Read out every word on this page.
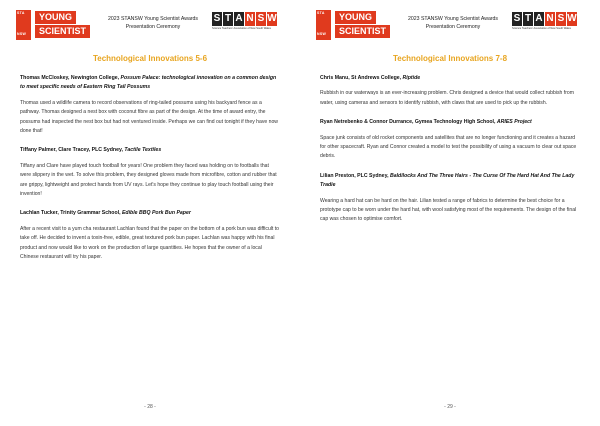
STA
NSW
YOUNG
SCIENTIST
2023 STANSW Young Scientist Awards
Presentation Ceremony
S T A N S W
Science Teachers' Association of New South Wales
Technological Innovations 5-6
Thomas McCloskey, Newington College, Possum Palace: technological innovation on a common design to meet specific needs of Eastern Ring Tail Possums
Thomas used a wildlife camera to record observations of ring-tailed possums using his backyard fence as a pathway. Thomas designed a nest box with coconut fibre as part of the design. At the time of award entry, the possums had inspected the nest box but had not ventured inside. Perhaps we can find out tonight if they have now done that!
Tiffany Palmer, Clare Tracey, PLC Sydney, Tactile Textiles
Tiffany and Clare have played touch football for years! One problem they faced was holding on to footballs that were slippery in the wet. To solve this problem, they designed gloves made from microfibre, cotton and rubber that are grippy, lightweight and protect hands from UV rays. Let's hope they continue to play touch football using their invention!
Lachlan Tucker, Trinity Grammar School, Edible BBQ Pork Bun Paper
After a recent visit to a yum cha restaurant Lachlan found that the paper on the bottom of a pork bun was difficult to take off. He decided to invent a toxin-free, edible, great textured pork bun paper. Lachlan was happy with his final product and now would like to work on the production of large quantities. He hopes that the owner of a local Chinese restaurant will try his paper.
- 28 -
STA
NSW
YOUNG
SCIENTIST
2023 STANSW Young Scientist Awards
Presentation Ceremony
S T A N S W
Science Teachers' Association of New South Wales
Technological Innovations 7-8
Chris Manu, St Andrews College, Riptide
Rubbish in our waterways is an ever-increasing problem. Chris designed a device that would collect rubbish from water, using cameras and sensors to identify rubbish, with claws that are used to pick up the rubbish.
Ryan Netrebenko & Connor Durrance, Gymea Technology High School, ARIES Project
Space junk consists of old rocket components and satellites that are no longer functioning and it creates a hazard for other spacecraft. Ryan and Connor created a model to test the possibility of using a vacuum to clear out space debris.
Lilian Preston, PLC Sydney, Baldilocks And The Three Hairs - The Curse Of The Hard Hat And The Lady Tradie
Wearing a hard hat can be hard on the hair. Lilian tested a range of fabrics to determine the best choice for a prototype cap to be worn under the hard hat, with wool satisfying most of the requirements. The design of the final cap was chosen to optimise comfort.
- 29 -
